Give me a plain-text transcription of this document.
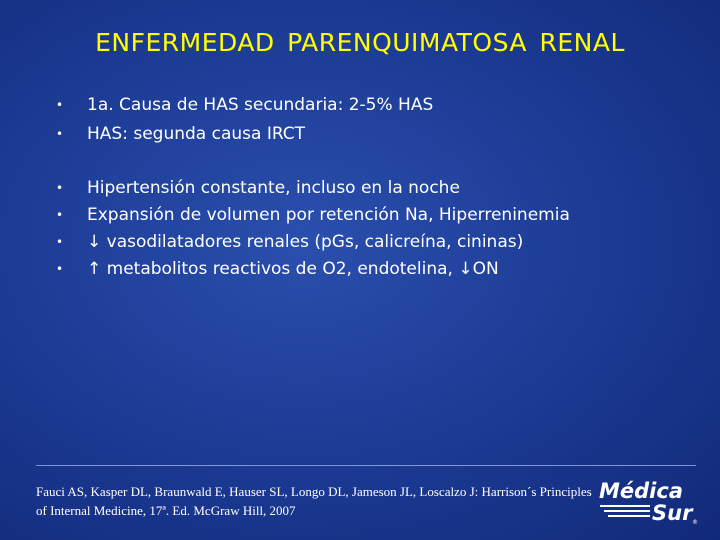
ENFERMEDAD PARENQUIMATOSA RENAL
• 1a. Causa de HAS secundaria: 2-5% HAS
• HAS: segunda causa IRCT
• Hipertensión constante, incluso en la noche
• Expansión de volumen por retención Na, Hiperreninemia
• ↓ vasodilatadores renales (pGs, calicreína, cininas)
• ↑ metabolitos reactivos de O2, endotelina, ↓ON
Fauci AS, Kasper DL, Braunwald E, Hauser SL, Longo DL, Jameson JL, Loscalzo J: Harrison´s Principles
of Internal Medicine, 17ª. Ed. McGraw Hill, 2007
Médica
Sur ®
